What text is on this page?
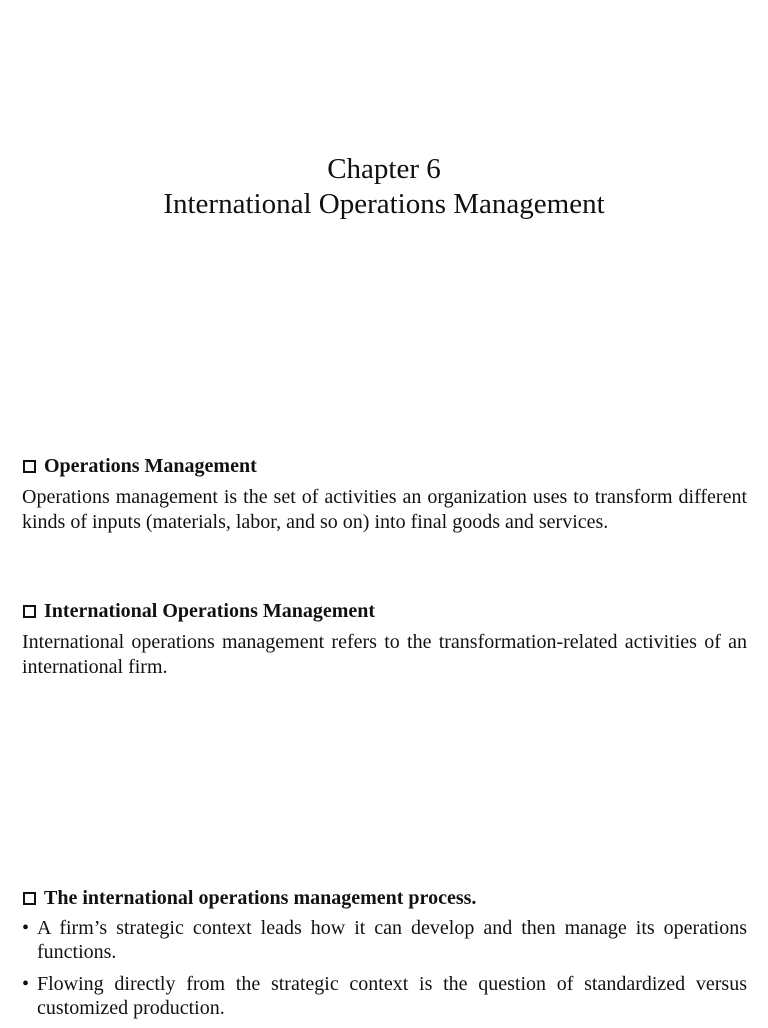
Chapter 6
International Operations Management
Operations Management
Operations management is the set of activities an organization uses to transform different kinds of inputs (materials, labor, and so on) into final goods and services.
International Operations Management
International operations management refers to the transformation-related activities of an international firm.
The international operations management process.
• A firm’s strategic context leads how it can develop and then manage its operations functions.
• Flowing directly from the strategic context is the question of standardized versus customized production.
